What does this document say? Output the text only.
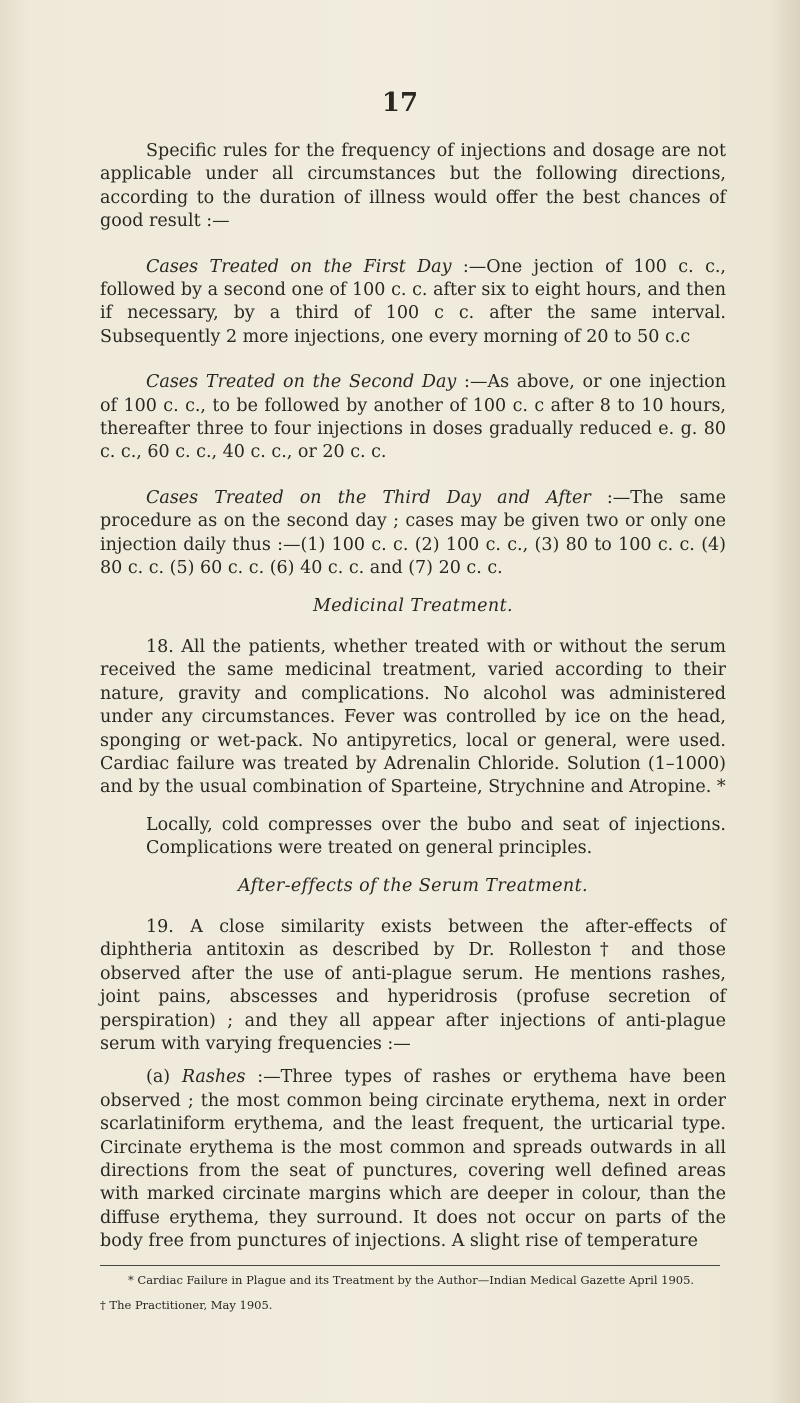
17

Specific rules for the frequency of injections and dosage are not applicable under all circumstances but the following directions, according to the duration of illness would offer the best chances of good result :—

Cases Treated on the First Day :—One jection of 100 c. c., followed by a second one of 100 c. c. after six to eight hours, and then if necessary, by a third of 100 c c. after the same interval. Subsequently 2 more injections, one every morning of 20 to 50 c.c

Cases Treated on the Second Day :—As above, or one injection of 100 c. c., to be followed by another of 100 c. c after 8 to 10 hours, thereafter three to four injections in doses gradually reduced e. g. 80 c. c., 60 c. c., 40 c. c., or 20 c. c.

Cases Treated on the Third Day and After :—The same procedure as on the second day ; cases may be given two or only one injection daily thus :—(1) 100 c. c. (2) 100 c. c., (3) 80 to 100 c. c. (4) 80 c. c. (5) 60 c. c. (6) 40 c. c. and (7) 20 c. c.

Medicinal Treatment.

18. All the patients, whether treated with or without the serum received the same medicinal treatment, varied according to their nature, gravity and complications. No alcohol was administered under any circumstances. Fever was controlled by ice on the head, sponging or wet-pack. No antipyretics, local or general, were used. Cardiac failure was treated by Adrenalin Chloride. Solution (1–1000) and by the usual combination of Sparteine, Strychnine and Atropine. *

Locally, cold compresses over the bubo and seat of injections. Complications were treated on general principles.

After-effects of the Serum Treatment.

19. A close similarity exists between the after-effects of diphtheria antitoxin as described by Dr. Rolleston† and those observed after the use of anti-plague serum. He mentions rashes, joint pains, abscesses and hyperidrosis (profuse secretion of perspiration) ; and they all appear after injections of anti-plague serum with varying frequencies :—

(a) Rashes :—Three types of rashes or erythema have been observed ; the most common being circinate erythema, next in order scarlatiniform erythema, and the least frequent, the urticarial type. Circinate erythema is the most common and spreads outwards in all directions from the seat of punctures, covering well defined areas with marked circinate margins which are deeper in colour, than the diffuse erythema, they surround. It does not occur on parts of the body free from punctures of injections. A slight rise of temperature

* Cardiac Failure in Plague and its Treatment by the Author—Indian Medical Gazette April 1905.

† The Practitioner, May 1905.
